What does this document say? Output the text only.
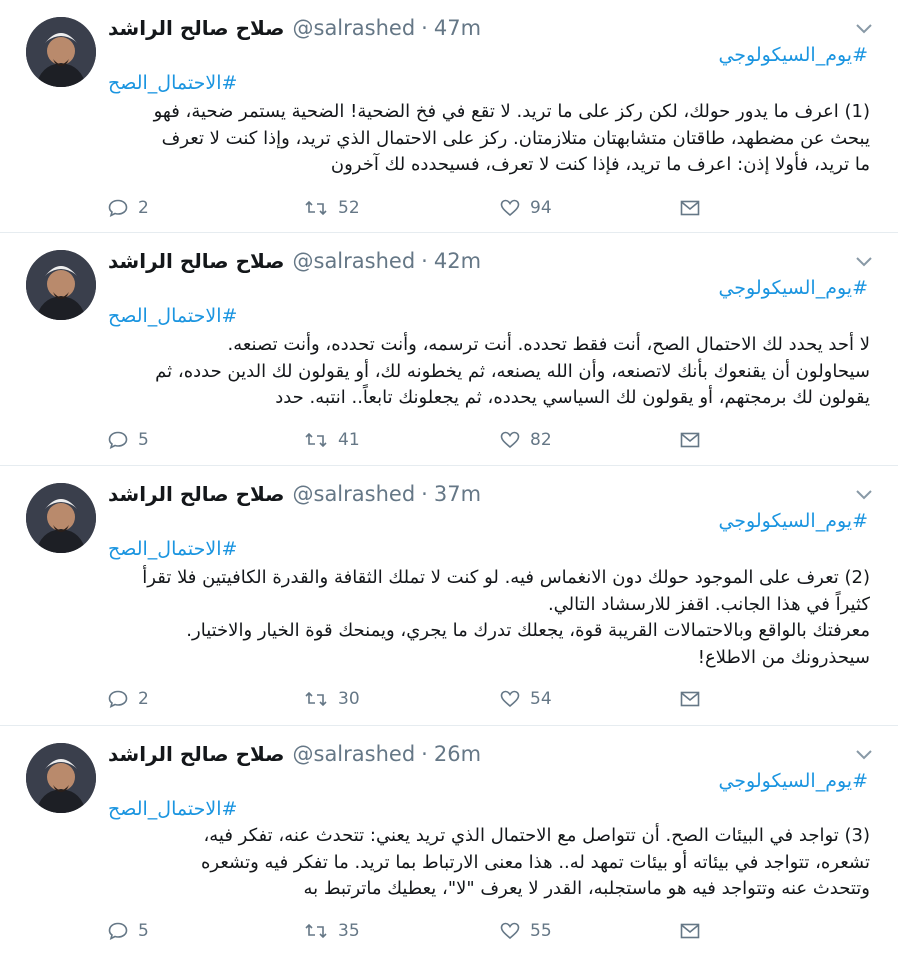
صلاح صالح الراشد @salrashed · 47m
#يوم_السيكولوجي
#الاحتمال_الصح
(1) اعرف ما يدور حولك، لكن ركز على ما تريد. لا تقع في فخ الضحية! الضحية يستمر ضحية، فهو
يبحث عن مضطهد، طاقتان متشابهتان متلازمتان. ركز على الاحتمال الذي تريد، وإذا كنت لا تعرف
ما تريد، فأولا إذن: اعرف ما تريد، فإذا كنت لا تعرف، فسيحدده لك آخرون
2	52	94
صلاح صالح الراشد @salrashed · 42m
#يوم_السيكولوجي
#الاحتمال_الصح
لا أحد يحدد لك الاحتمال الصح، أنت فقط تحدده. أنت ترسمه، وأنت تحدده، وأنت تصنعه.
سيحاولون أن يقنعوك بأنك لاتصنعه، وأن الله يصنعه، ثم يخطونه لك، أو يقولون لك الدين حدده، ثم
يقولون لك برمجتهم، أو يقولون لك السياسي يحدده، ثم يجعلونك تابعاً.. انتبه. حدد
5	41	82
صلاح صالح الراشد @salrashed · 37m
#يوم_السيكولوجي
#الاحتمال_الصح
(2) تعرف على الموجود حولك دون الانغماس فيه. لو كنت لا تملك الثقافة والقدرة الكافيتين فلا تقرأ
كثيراً في هذا الجانب. اقفز للارسشاد التالي.
معرفتك بالواقع وبالاحتمالات القريبة قوة، يجعلك تدرك ما يجري، ويمنحك قوة الخيار والاختيار.
سيحذرونك من الاطلاع!
2	30	54
صلاح صالح الراشد @salrashed · 26m
#يوم_السيكولوجي
#الاحتمال_الصح
(3) تواجد في البيئات الصح. أن تتواصل مع الاحتمال الذي تريد يعني: تتحدث عنه، تفكر فيه،
تشعره، تتواجد في بيئاته أو بيئات تمهد له.. هذا معنى الارتباط بما تريد. ما تفكر فيه وتشعره
وتتحدث عنه وتتواجد فيه هو ماستجلبه، القدر لا يعرف "لا"، يعطيك ماترتبط به
5	35	55
